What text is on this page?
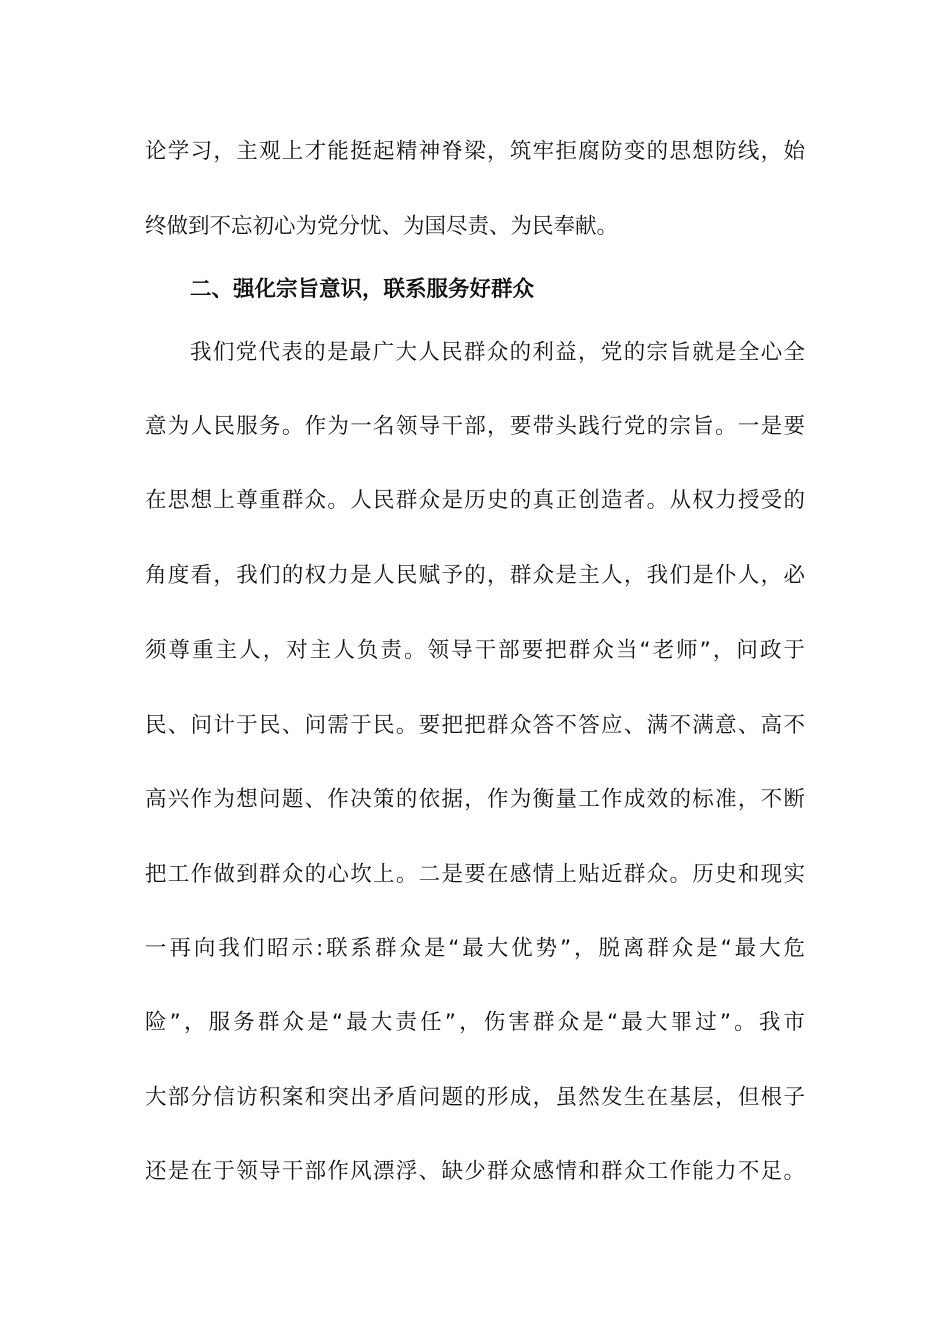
论学习，主观上才能挺起精神脊梁，筑牢拒腐防变的思想防线，始
终做到不忘初心为党分忧、为国尽责、为民奉献。
二、强化宗旨意识，联系服务好群众
我们党代表的是最广大人民群众的利益，党的宗旨就是全心全
意为人民服务。作为一名领导干部，要带头践行党的宗旨。一是要
在思想上尊重群众。人民群众是历史的真正创造者。从权力授受的
角度看，我们的权力是人民赋予的，群众是主人，我们是仆人，必
须尊重主人，对主人负责。领导干部要把群众当“老师”，问政于
民、问计于民、问需于民。要把把群众答不答应、满不满意、高不
高兴作为想问题、作决策的依据，作为衡量工作成效的标准，不断
把工作做到群众的心坎上。二是要在感情上贴近群众。历史和现实
一再向我们昭示:联系群众是“最大优势”，脱离群众是“最大危
险”，服务群众是“最大责任”，伤害群众是“最大罪过”。我市
大部分信访积案和突出矛盾问题的形成，虽然发生在基层，但根子
还是在于领导干部作风漂浮、缺少群众感情和群众工作能力不足。
